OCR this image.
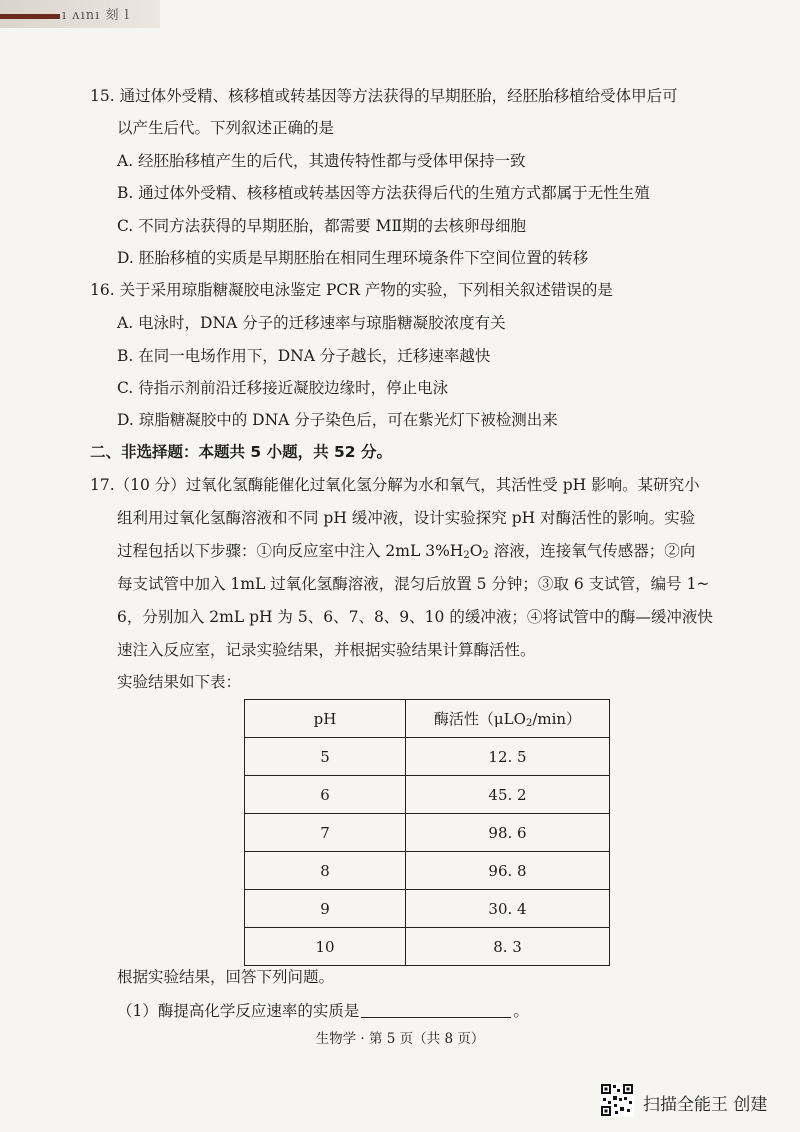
ı ʌını 刻 l
15. 通过体外受精、核移植或转基因等方法获得的早期胚胎，经胚胎移植给受体甲后可
以产生后代。下列叙述正确的是
A. 经胚胎移植产生的后代，其遗传特性都与受体甲保持一致
B. 通过体外受精、核移植或转基因等方法获得后代的生殖方式都属于无性生殖
C. 不同方法获得的早期胚胎，都需要 MⅡ期的去核卵母细胞
D. 胚胎移植的实质是早期胚胎在相同生理环境条件下空间位置的转移
16. 关于采用琼脂糖凝胶电泳鉴定 PCR 产物的实验，下列相关叙述错误的是
A. 电泳时，DNA 分子的迁移速率与琼脂糖凝胶浓度有关
B. 在同一电场作用下，DNA 分子越长，迁移速率越快
C. 待指示剂前沿迁移接近凝胶边缘时，停止电泳
D. 琼脂糖凝胶中的 DNA 分子染色后，可在紫光灯下被检测出来
二、非选择题：本题共 5 小题，共 52 分。
17.（10 分）过氧化氢酶能催化过氧化氢分解为水和氧气，其活性受 pH 影响。某研究小
组利用过氧化氢酶溶液和不同 pH 缓冲液，设计实验探究 pH 对酶活性的影响。实验
过程包括以下步骤：①向反应室中注入 2mL $3\%H_2O_2$ 溶液，连接氧气传感器；②向
每支试管中加入 1mL 过氧化氢酶溶液，混匀后放置 5 分钟；③取 6 支试管，编号 1~
6，分别加入 2mL pH 为 5、6、7、8、9、10 的缓冲液；④将试管中的酶—缓冲液快
速注入反应室，记录实验结果，并根据实验结果计算酶活性。
实验结果如下表：
pH	酶活性（μLO$_2$/min）
5	12. 5
6	45. 2
7	98. 6
8	96. 8
9	30. 4
10	8. 3
根据实验结果，回答下列问题。
（1）酶提高化学反应速率的实质是	。
生物学 · 第 5 页（共 8 页）
扫描全能王 创建
